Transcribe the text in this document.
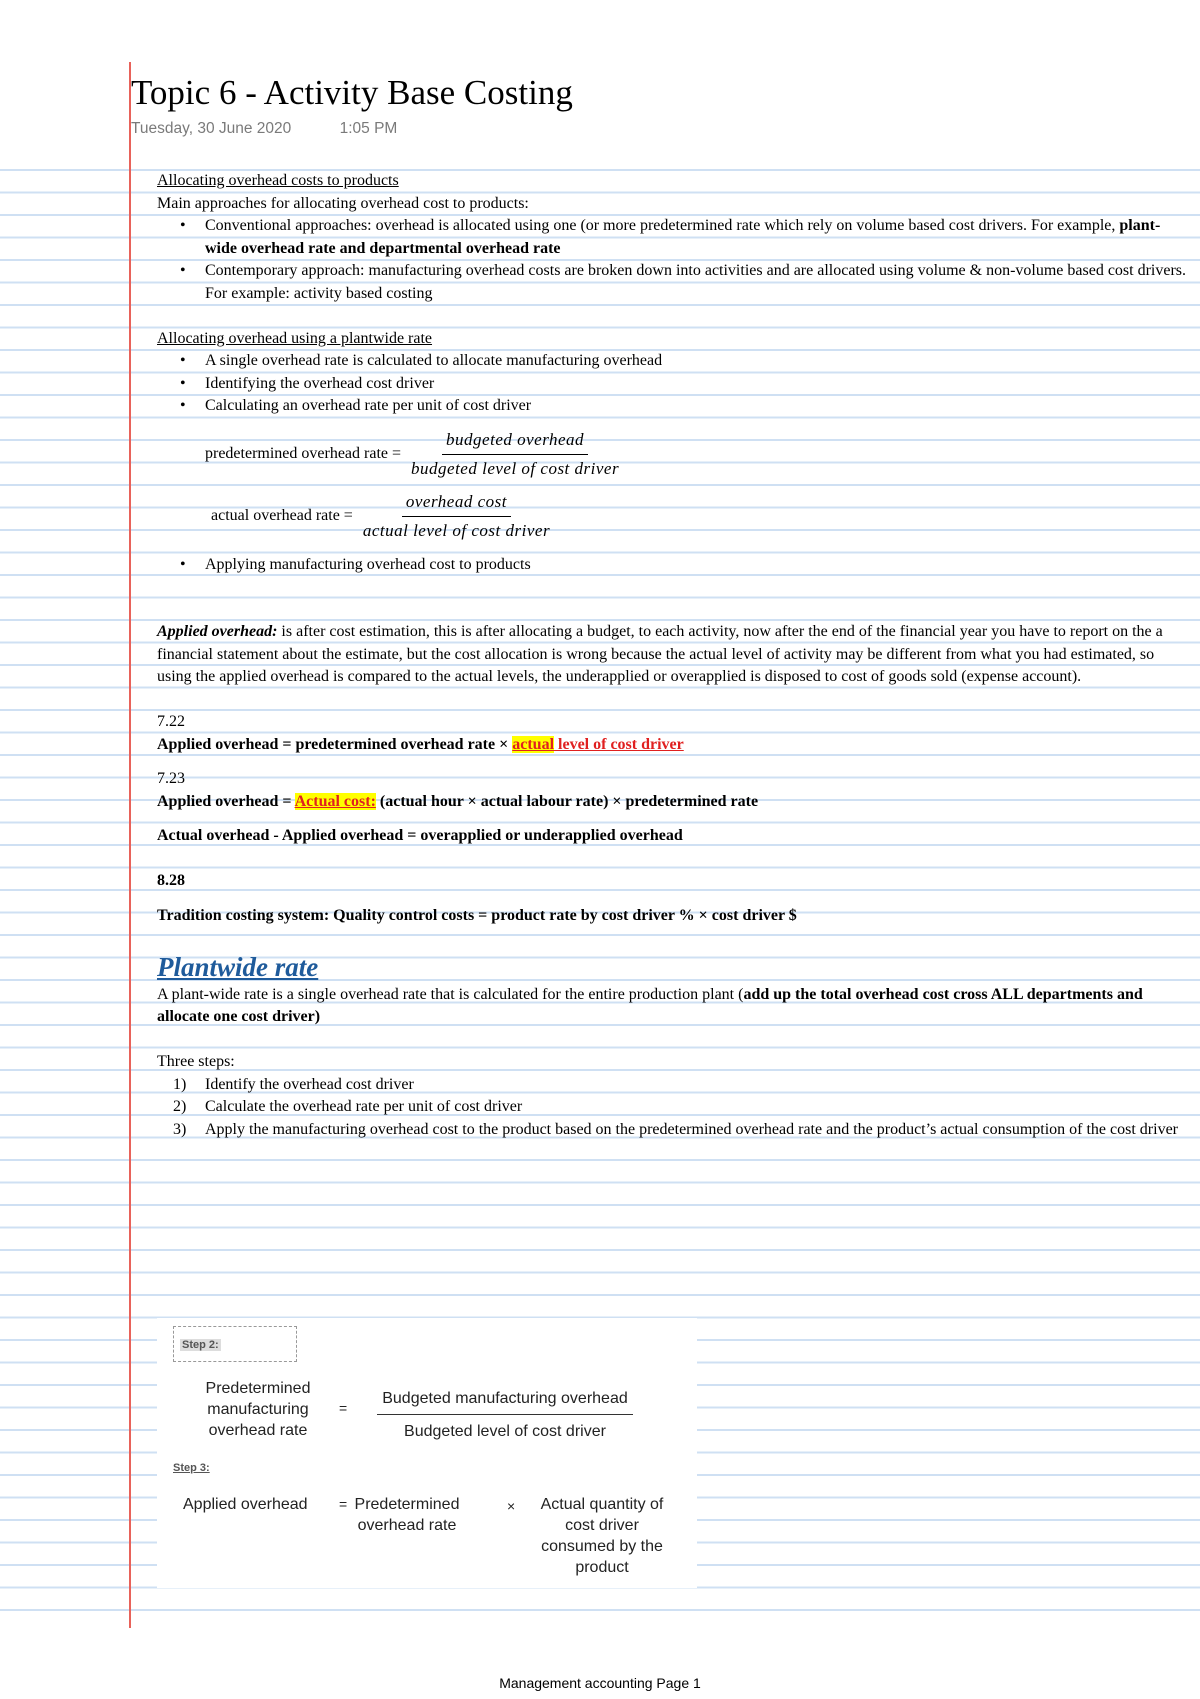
Topic 6 - Activity Base Costing
Tuesday, 30 June 2020	1:05 PM

Allocating overhead costs to products

Main approaches for allocating overhead cost to products:

• Conventional approaches: overhead is allocated using one (or more predetermined rate which rely on volume based cost drivers. For example, plant-wide overhead rate and departmental overhead rate
• Contemporary approach: manufacturing overhead costs are broken down into activities and are allocated using volume & non-volume based cost drivers.
For example: activity based costing

Allocating overhead using a plantwide rate

• A single overhead rate is calculated to allocate manufacturing overhead
• Identifying the overhead cost driver
• Calculating an overhead rate per unit of cost driver
predetermined overhead rate = $\frac{\text{budgeted overhead}}{\text{budgeted level of cost driver}}$
actual overhead rate = $\frac{\text{overhead cost}}{\text{actual level of cost driver}}$
• Applying manufacturing overhead cost to products

Applied overhead: is after cost estimation, this is after allocating a budget, to each activity, now after the end of the financial year you have to report on the a financial statement about the estimate, but the cost allocation is wrong because the actual level of activity may be different from what you had estimated, so using the applied overhead is compared to the actual levels, the underapplied or overapplied is disposed to cost of goods sold (expense account).

7.22

Applied overhead = predetermined overhead rate × actual level of cost driver

7.23

Applied overhead = Actual cost: (actual hour × actual labour rate) × predetermined rate

Actual overhead - Applied overhead = overapplied or underapplied overhead

8.28

Tradition costing system: Quality control costs = product rate by cost driver % × cost driver $

Plantwide rate

A plant-wide rate is a single overhead rate that is calculated for the entire production plant (add up the total overhead cost cross ALL departments and allocate one cost driver)

Three steps:

1) Identify the overhead cost driver
2) Calculate the overhead rate per unit of cost driver
3) Apply the manufacturing overhead cost to the product based on the predetermined overhead rate and the product’s actual consumption of the cost driver
Step 2:
Predetermined manufacturing overhead rate
=
Budgeted manufacturing overhead
Budgeted level of cost driver
Step 3:
Applied overhead = Predetermined overhead rate
× Actual quantity of cost driver consumed by the product
Management accounting Page 1
